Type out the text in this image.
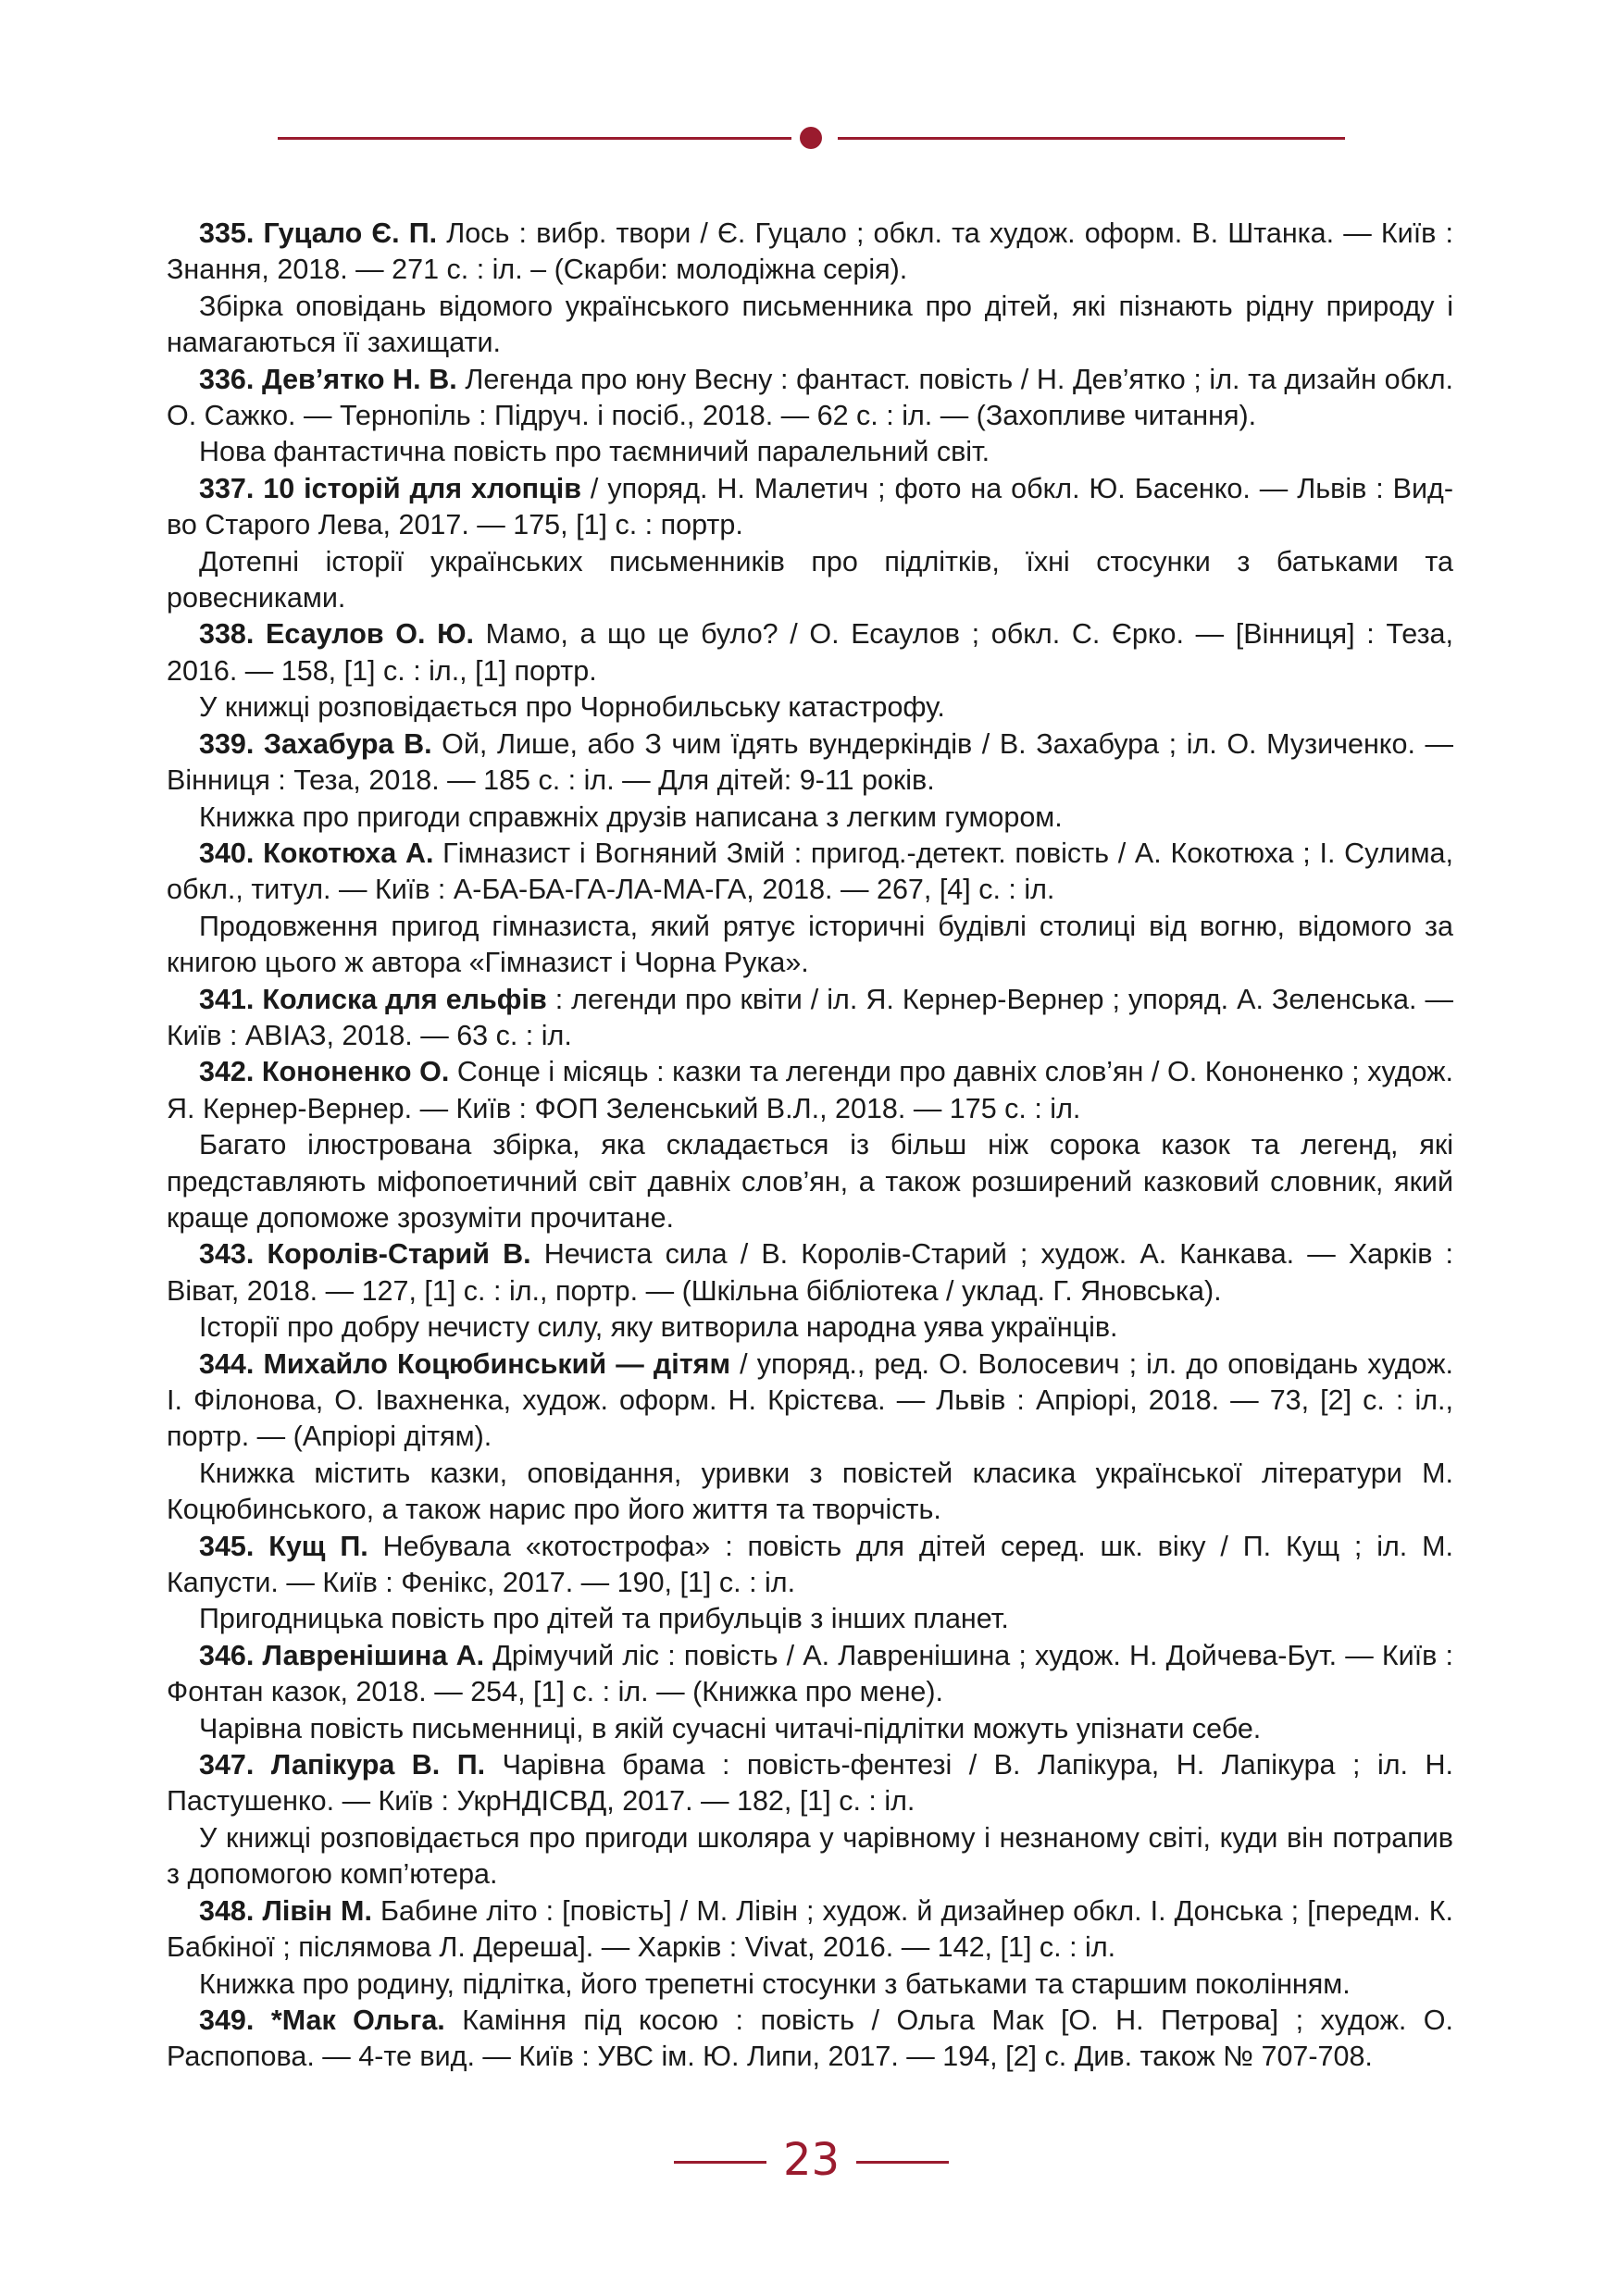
335. Гуцало Є. П. Лось : вибр. твори / Є. Гуцало ; обкл. та худож. оформ. В. Штанка. — Київ : Знання, 2018. — 271 с. : іл. – (Скарби: молодіжна серія).

Збірка оповідань відомого українського письменника про дітей, які пізнають рідну природу і намагаються її захищати.

336. Дев’ятко Н. В. Легенда про юну Весну : фантаст. повість / Н. Дев’ятко ; іл. та дизайн обкл. О. Сажко. — Тернопіль : Підруч. і посіб., 2018. — 62 с. : іл. — (Захопливе читання).

Нова фантастична повість про таємничий паралельний світ.

337. 10 історій для хлопців / упоряд. Н. Малетич ; фото на обкл. Ю. Басенко. — Львів : Вид-во Старого Лева, 2017. — 175, [1] с. : портр.

Дотепні історії українських письменників про підлітків, їхні стосунки з батьками та ровесниками.

338. Есаулов О. Ю. Мамо, а що це було? / О. Есаулов ; обкл. С. Єрко. — [Вінниця] : Теза, 2016. — 158, [1] с. : іл., [1] портр.

У книжці розповідається про Чорнобильську катастрофу.

339. Захабура В. Ой, Лише, або З чим їдять вундеркіндів / В. Захабура ; іл. О. Музиченко. — Вінниця : Теза, 2018. — 185 с. : іл. — Для дітей: 9-11 років.

Книжка про пригоди справжніх друзів написана з легким гумором.

340. Кокотюха А. Гімназист і Вогняний Змій : пригод.-детект. повість / А. Кокотюха ; І. Сулима, обкл., титул. — Київ : А-БА-БА-ГА-ЛА-МА-ГА, 2018. — 267, [4] с. : іл.

Продовження пригод гімназиста, який рятує історичні будівлі столиці від вогню, відомого за книгою цього ж автора «Гімназист і Чорна Рука».

341. Колиска для ельфів : легенди про квіти / іл. Я. Кернер-Вернер ; упоряд. А. Зеленська. — Київ : АВІАЗ, 2018. — 63 с. : іл.

342. Кононенко О. Сонце і місяць : казки та легенди про давніх слов’ян / О. Кононенко ; худож. Я. Кернер-Вернер. — Київ : ФОП Зеленський В.Л., 2018. — 175 с. : іл.

Багато ілюстрована збірка, яка складається із більш ніж сорока казок та легенд, які представляють міфопоетичний світ давніх слов’ян, а також розширений казковий словник, який краще допоможе зрозуміти прочитане.

343. Королів-Старий В. Нечиста сила / В. Королів-Старий ; худож. А. Канкава. — Харків : Віват, 2018. — 127, [1] с. : іл., портр. — (Шкільна бібліотека / уклад. Г. Яновська).

Історії про добру нечисту силу, яку витворила народна уява українців.

344. Михайло Коцюбинський — дітям / упоряд., ред. О. Волосевич ; іл. до оповідань худож. І. Філонова, О. Івахненка, худож. оформ. Н. Крістєва. — Львів : Апріорі, 2018. — 73, [2] с. : іл., портр. — (Апріорі дітям).

Книжка містить казки, оповідання, уривки з повістей класика української літератури М. Коцюбинського, а також нарис про його життя та творчість.

345. Кущ П. Небувала «котострофа» : повість для дітей серед. шк. віку / П. Кущ ; іл. М. Капусти. — Київ : Фенікс, 2017. — 190, [1] с. : іл.

Пригодницька повість про дітей та прибульців з інших планет.

346. Лавренішина А. Дрімучий ліс : повість / А. Лавренішина ; худож. Н. Дойчева-Бут. — Київ : Фонтан казок, 2018. — 254, [1] с. : іл. — (Книжка про мене).

Чарівна повість письменниці, в якій сучасні читачі-підлітки можуть упізнати себе.

347. Лапікура В. П. Чарівна брама : повість-фентезі / В. Лапікура, Н. Лапікура ; іл. Н. Пастушенко. — Київ : УкрНДІСВД, 2017. — 182, [1] с. : іл.

У книжці розповідається про пригоди школяра у чарівному і незнаному світі, куди він потрапив з допомогою комп’ютера.

348. Лівін М. Бабине літо : [повість] / М. Лівін ; худож. й дизайнер обкл. І. Донська ; [передм. К. Бабкіної ; післямова Л. Дереша]. — Харків : Vivat, 2016. — 142, [1] с. : іл.

Книжка про родину, підлітка, його трепетні стосунки з батьками та старшим поколінням.

349. *Мак Ольга. Каміння під косою : повість / Ольга Мак [О. Н. Петрова] ; худож. О. Распопова. — 4-те вид. — Київ : УВС ім. Ю. Липи, 2017. — 194, [2] с. Див. також № 707-708.

23
